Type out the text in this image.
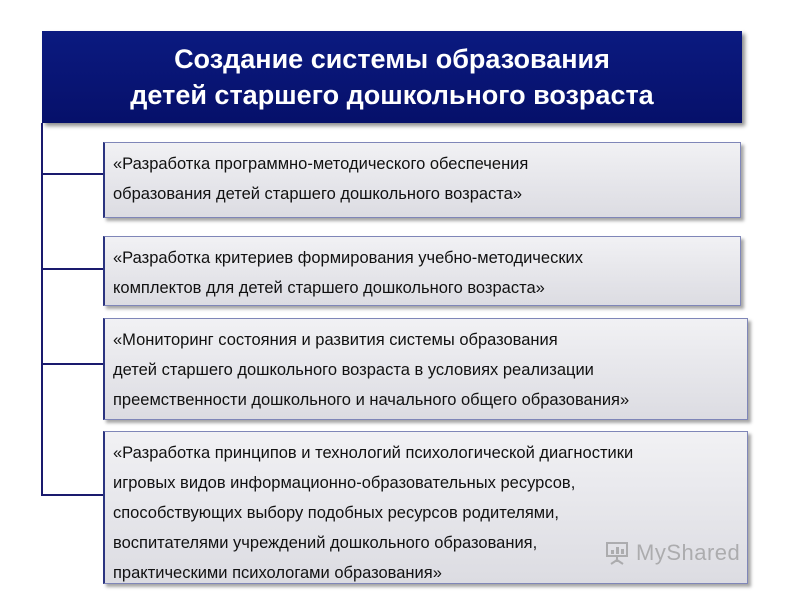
Создание системы образования
детей старшего дошкольного возраста
«Разработка программно-методического обеспечения
образования детей старшего дошкольного возраста»
«Разработка критериев формирования учебно-методических
комплектов для детей старшего дошкольного возраста»
«Мониторинг состояния и развития системы образования
детей старшего дошкольного возраста в условиях реализации
преемственности дошкольного и начального общего образования»
«Разработка принципов и технологий психологической диагностики
игровых видов информационно-образовательных ресурсов,
способствующих выбору подобных ресурсов родителями,
воспитателями учреждений дошкольного образования,
практическими психологами образования»
MyShared
